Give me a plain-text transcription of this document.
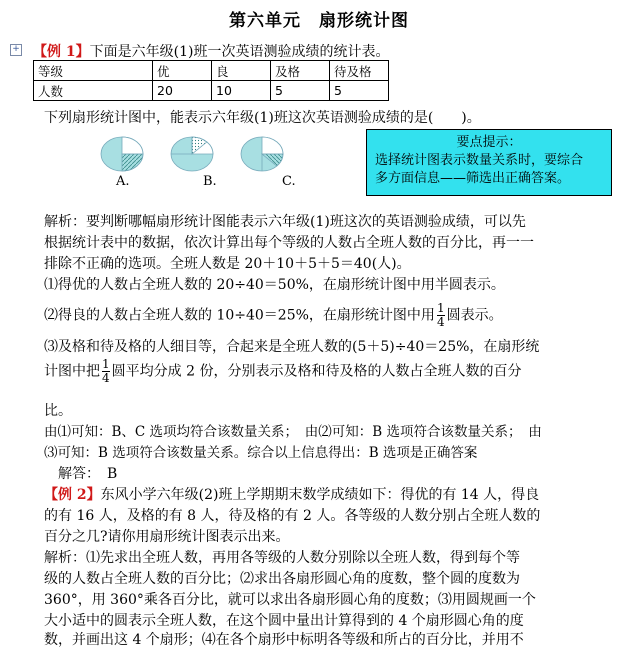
第六单元　扇形统计图
+ 【例 1】下面是六年级(1)班一次英语测验成绩的统计表。
等级	优	良	及格	待及格
人数	20	10	5	5
下列扇形统计图中，能表示六年级(1)班这次英语测验成绩的是(　　)。
A.	B.	C.
要点提示：
选择统计图表示数量关系时，要综合
多方面信息——筛选出正确答案。
解析：要判断哪幅扇形统计图能表示六年级(1)班这次的英语测验成绩，可以先
根据统计表中的数据，依次计算出每个等级的人数占全班人数的百分比，再一一
排除不正确的选项。全班人数是 20＋10＋5＋5＝40(人)。
⑴得优的人数占全班人数的 20÷40＝50%，在扇形统计图中用半圆表示。
⑵得良的人数占全班人数的 10÷40＝25%，在扇形统计图中用 $\frac{1}{4}$ 圆表示。
⑶及格和待及格的人细目等，合起来是全班人数的(5＋5)÷40＝25%，在扇形统
计图中把 $\frac{1}{4}$ 圆平均分成 2 份，分别表示及格和待及格的人数占全班人数的百分
比。
由⑴可知：B、C 选项均符合该数量关系；　由⑵可知：B 选项符合该数量关系；　由
⑶可知：B 选项符合该数量关系。综合以上信息得出：B 选项是正确答案
　解答：　B
【例 2】东风小学六年级(2)班上学期期末数学成绩如下：得优的有 14 人，得良
的有 16 人，及格的有 8 人，待及格的有 2 人。各等级的人数分别占全班人数的
百分之几?请你用扇形统计图表示出来。
解析：⑴先求出全班人数，再用各等级的人数分别除以全班人数，得到每个等
级的人数占全班人数的百分比；⑵求出各扇形圆心角的度数，整个圆的度数为
360°，用 360°乘各百分比，就可以求出各扇形圆心角的度数；⑶用圆规画一个
大小适中的圆表示全班人数，在这个圆中量出计算得到的 4 个扇形圆心角的度
数，并画出这 4 个扇形；⑷在各个扇形中标明各等级和所占的百分比，并用不
